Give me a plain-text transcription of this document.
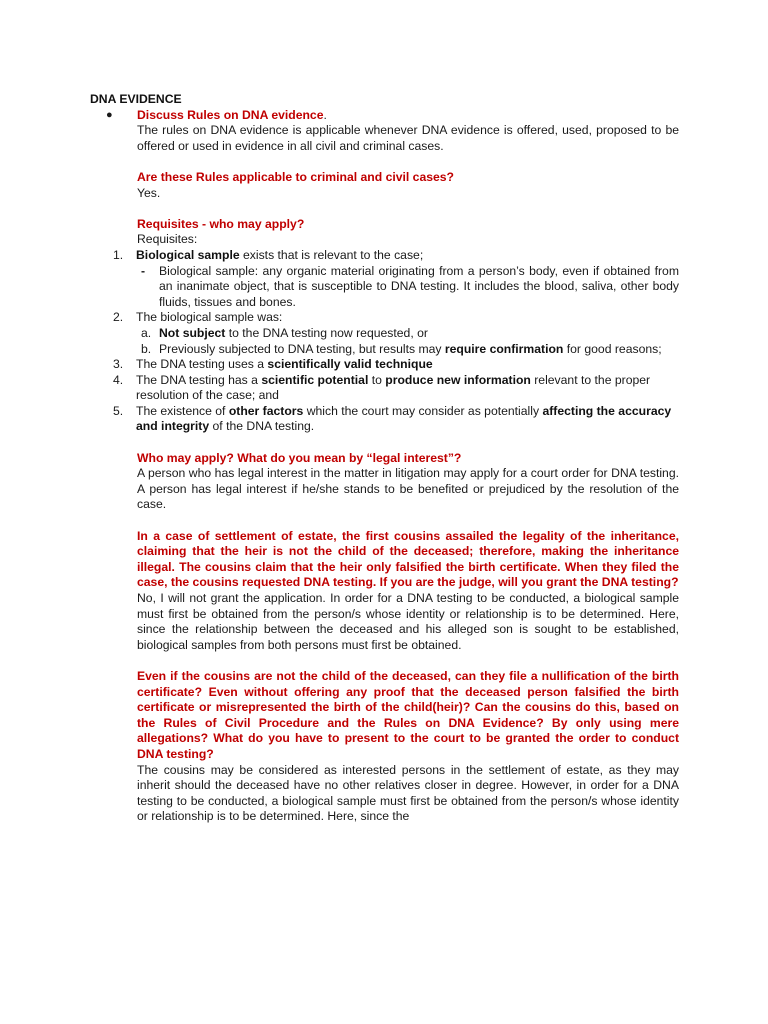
DNA EVIDENCE
● Discuss Rules on DNA evidence.
The rules on DNA evidence is applicable whenever DNA evidence is offered, used, proposed to be offered or used in evidence in all civil and criminal cases.
Are these Rules applicable to criminal and civil cases?
Yes.
Requisites - who may apply?
Requisites:
1. Biological sample exists that is relevant to the case;
- Biological sample: any organic material originating from a person’s body, even if obtained from an inanimate object, that is susceptible to DNA testing. It includes the blood, saliva, other body fluids, tissues and bones.
2. The biological sample was:
a. Not subject to the DNA testing now requested, or
b. Previously subjected to DNA testing, but results may require confirmation for good reasons;
3. The DNA testing uses a scientifically valid technique
4. The DNA testing has a scientific potential to produce new information relevant to the proper resolution of the case; and
5. The existence of other factors which the court may consider as potentially affecting the accuracy and integrity of the DNA testing.
Who may apply? What do you mean by “legal interest”?
A person who has legal interest in the matter in litigation may apply for a court order for DNA testing. A person has legal interest if he/she stands to be benefited or prejudiced by the resolution of the case.
In a case of settlement of estate, the first cousins assailed the legality of the inheritance, claiming that the heir is not the child of the deceased; therefore, making the inheritance illegal. The cousins claim that the heir only falsified the birth certificate. When they filed the case, the cousins requested DNA testing. If you are the judge, will you grant the DNA testing?
No, I will not grant the application. In order for a DNA testing to be conducted, a biological sample must first be obtained from the person/s whose identity or relationship is to be determined. Here, since the relationship between the deceased and his alleged son is sought to be established, biological samples from both persons must first be obtained.
Even if the cousins are not the child of the deceased, can they file a nullification of the birth certificate? Even without offering any proof that the deceased person falsified the birth certificate or misrepresented the birth of the child(heir)? Can the cousins do this, based on the Rules of Civil Procedure and the Rules on DNA Evidence? By only using mere allegations? What do you have to present to the court to be granted the order to conduct DNA testing?
The cousins may be considered as interested persons in the settlement of estate, as they may inherit should the deceased have no other relatives closer in degree. However, in order for a DNA testing to be conducted, a biological sample must first be obtained from the person/s whose identity or relationship is to be determined. Here, since the
